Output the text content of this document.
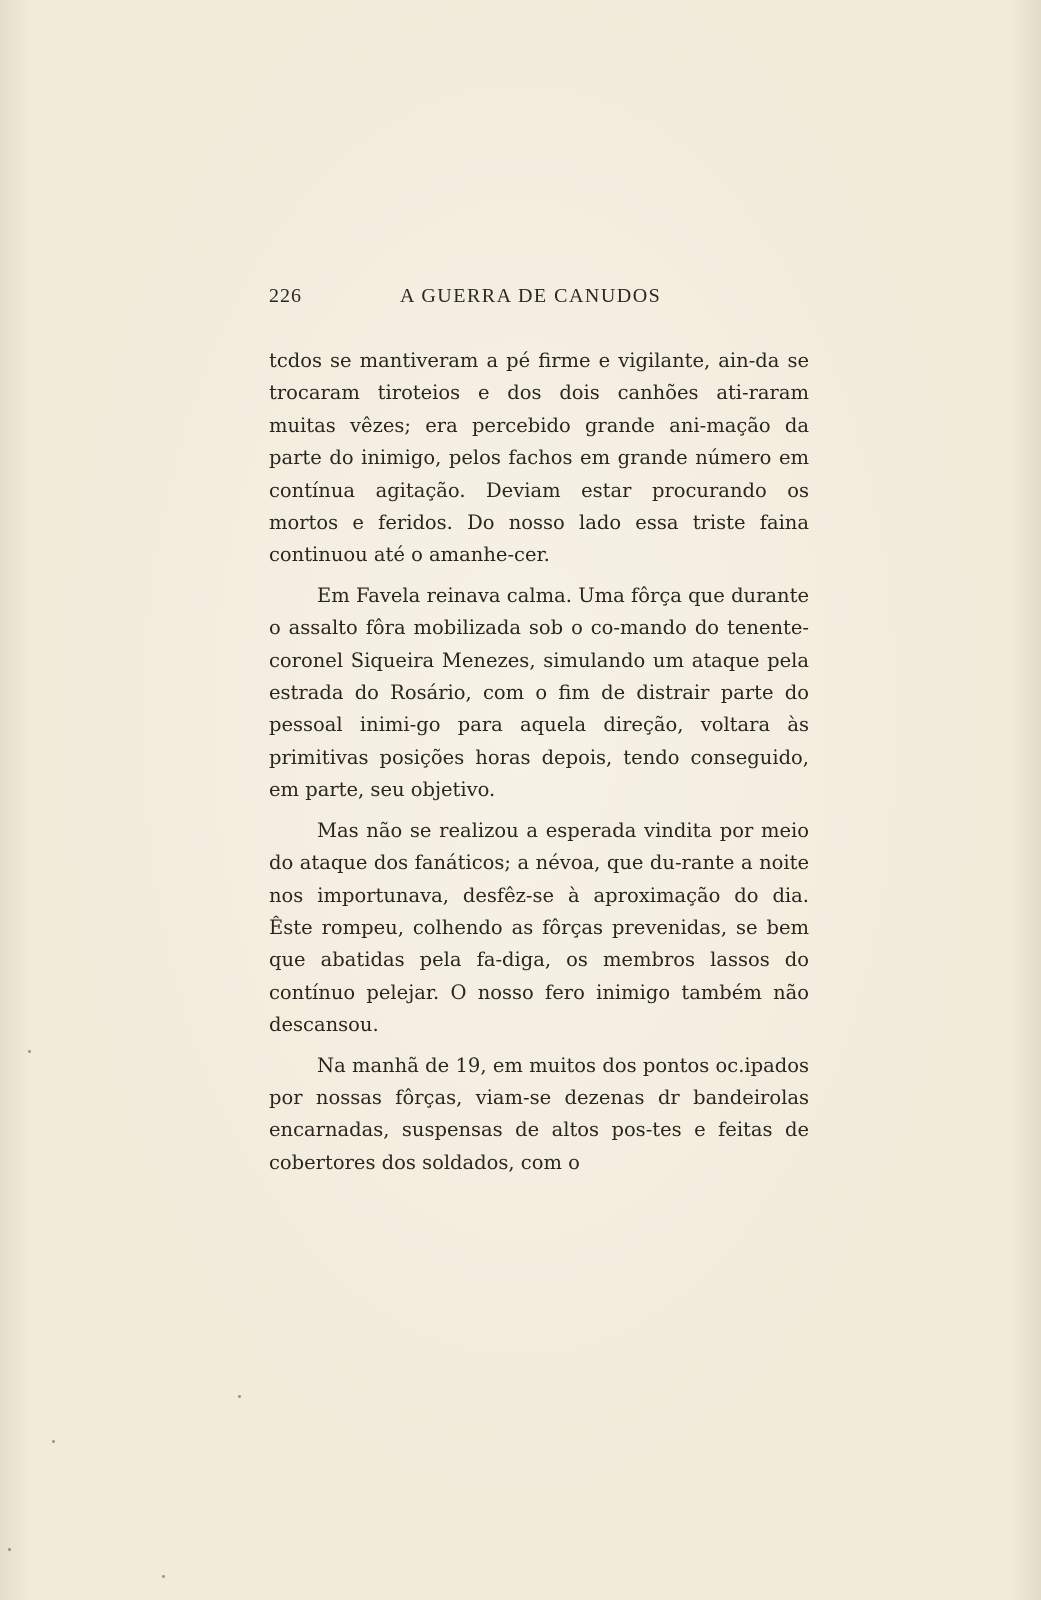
226	A GUERRA DE CANUDOS

tcdos se mantiveram a pé firme e vigilante, ain-da se trocaram tiroteios e dos dois canhões ati-raram muitas vêzes; era percebido grande ani-mação da parte do inimigo, pelos fachos em grande número em contínua agitação. Deviam estar procurando os mortos e feridos. Do nosso lado essa triste faina continuou até o amanhe-cer.

Em Favela reinava calma. Uma fôrça que durante o assalto fôra mobilizada sob o co-mando do tenente-coronel Siqueira Menezes, simulando um ataque pela estrada do Rosário, com o fim de distrair parte do pessoal inimi-go para aquela direção, voltara às primitivas posições horas depois, tendo conseguido, em parte, seu objetivo.

Mas não se realizou a esperada vindita por meio do ataque dos fanáticos; a névoa, que du-rante a noite nos importunava, desfêz-se à aproximação do dia. Êste rompeu, colhendo as fôrças prevenidas, se bem que abatidas pela fa-diga, os membros lassos do contínuo pelejar. O nosso fero inimigo também não descansou.

Na manhã de 19, em muitos dos pontos oc.ipados por nossas fôrças, viam-se dezenas dr bandeirolas encarnadas, suspensas de altos pos-tes e feitas de cobertores dos soldados, com o
